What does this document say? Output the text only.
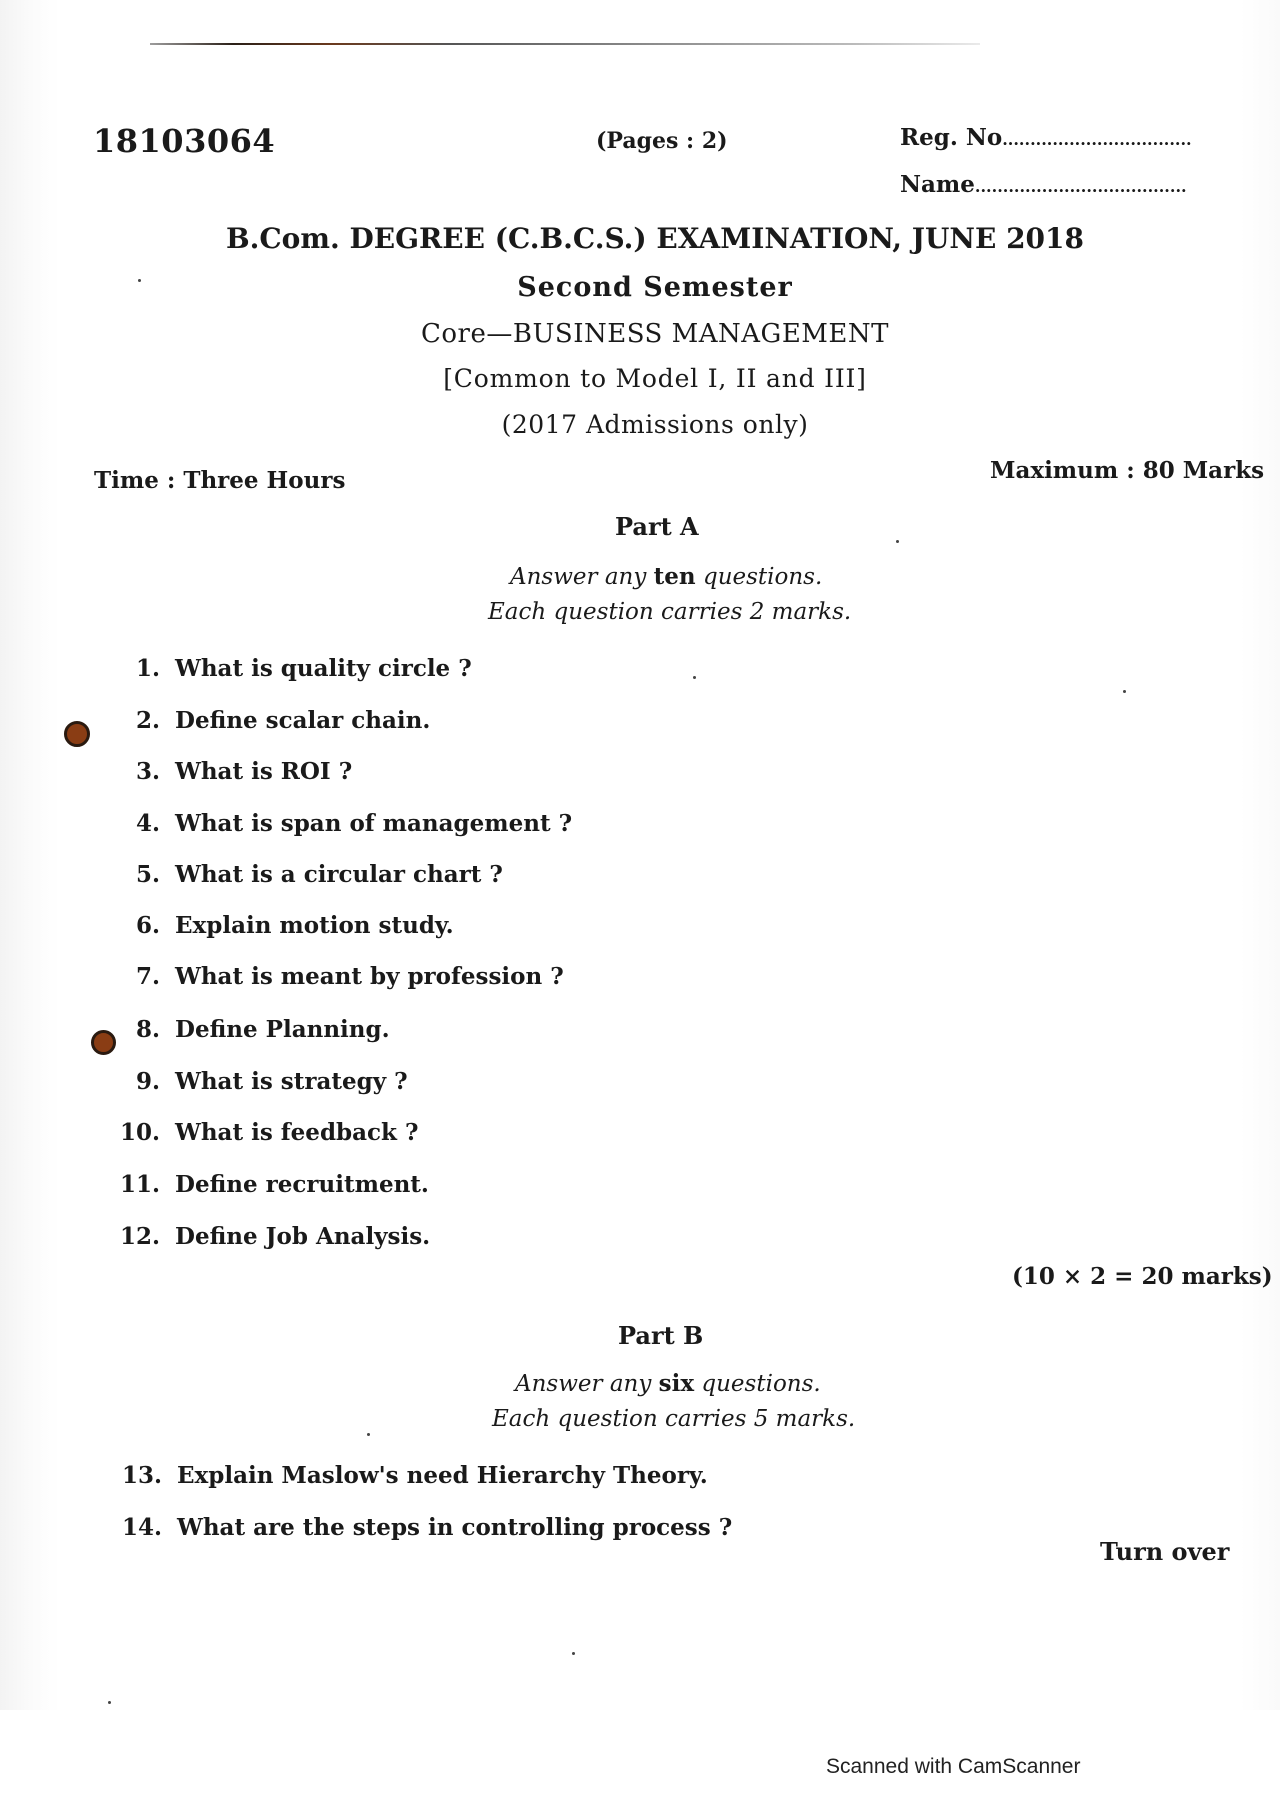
18103064	(Pages : 2)	Reg. No..................................
Name......................................
B.Com. DEGREE (C.B.C.S.) EXAMINATION, JUNE 2018
Second Semester
Core—BUSINESS MANAGEMENT
[Common to Model I, II and III]
(2017 Admissions only)
Time : Three Hours	Maximum : 80 Marks
Part A
Answer any ten questions.
Each question carries 2 marks.
1. What is quality circle ?
2. Define scalar chain.
3. What is ROI ?
4. What is span of management ?
5. What is a circular chart ?
6. Explain motion study.
7. What is meant by profession ?
8. Define Planning.
9. What is strategy ?
10. What is feedback ?
11. Define recruitment.
12. Define Job Analysis.
(10 × 2 = 20 marks)
Part B
Answer any six questions.
Each question carries 5 marks.
13. Explain Maslow's need Hierarchy Theory.
14. What are the steps in controlling process ?
Turn over
Scanned with CamScanner
